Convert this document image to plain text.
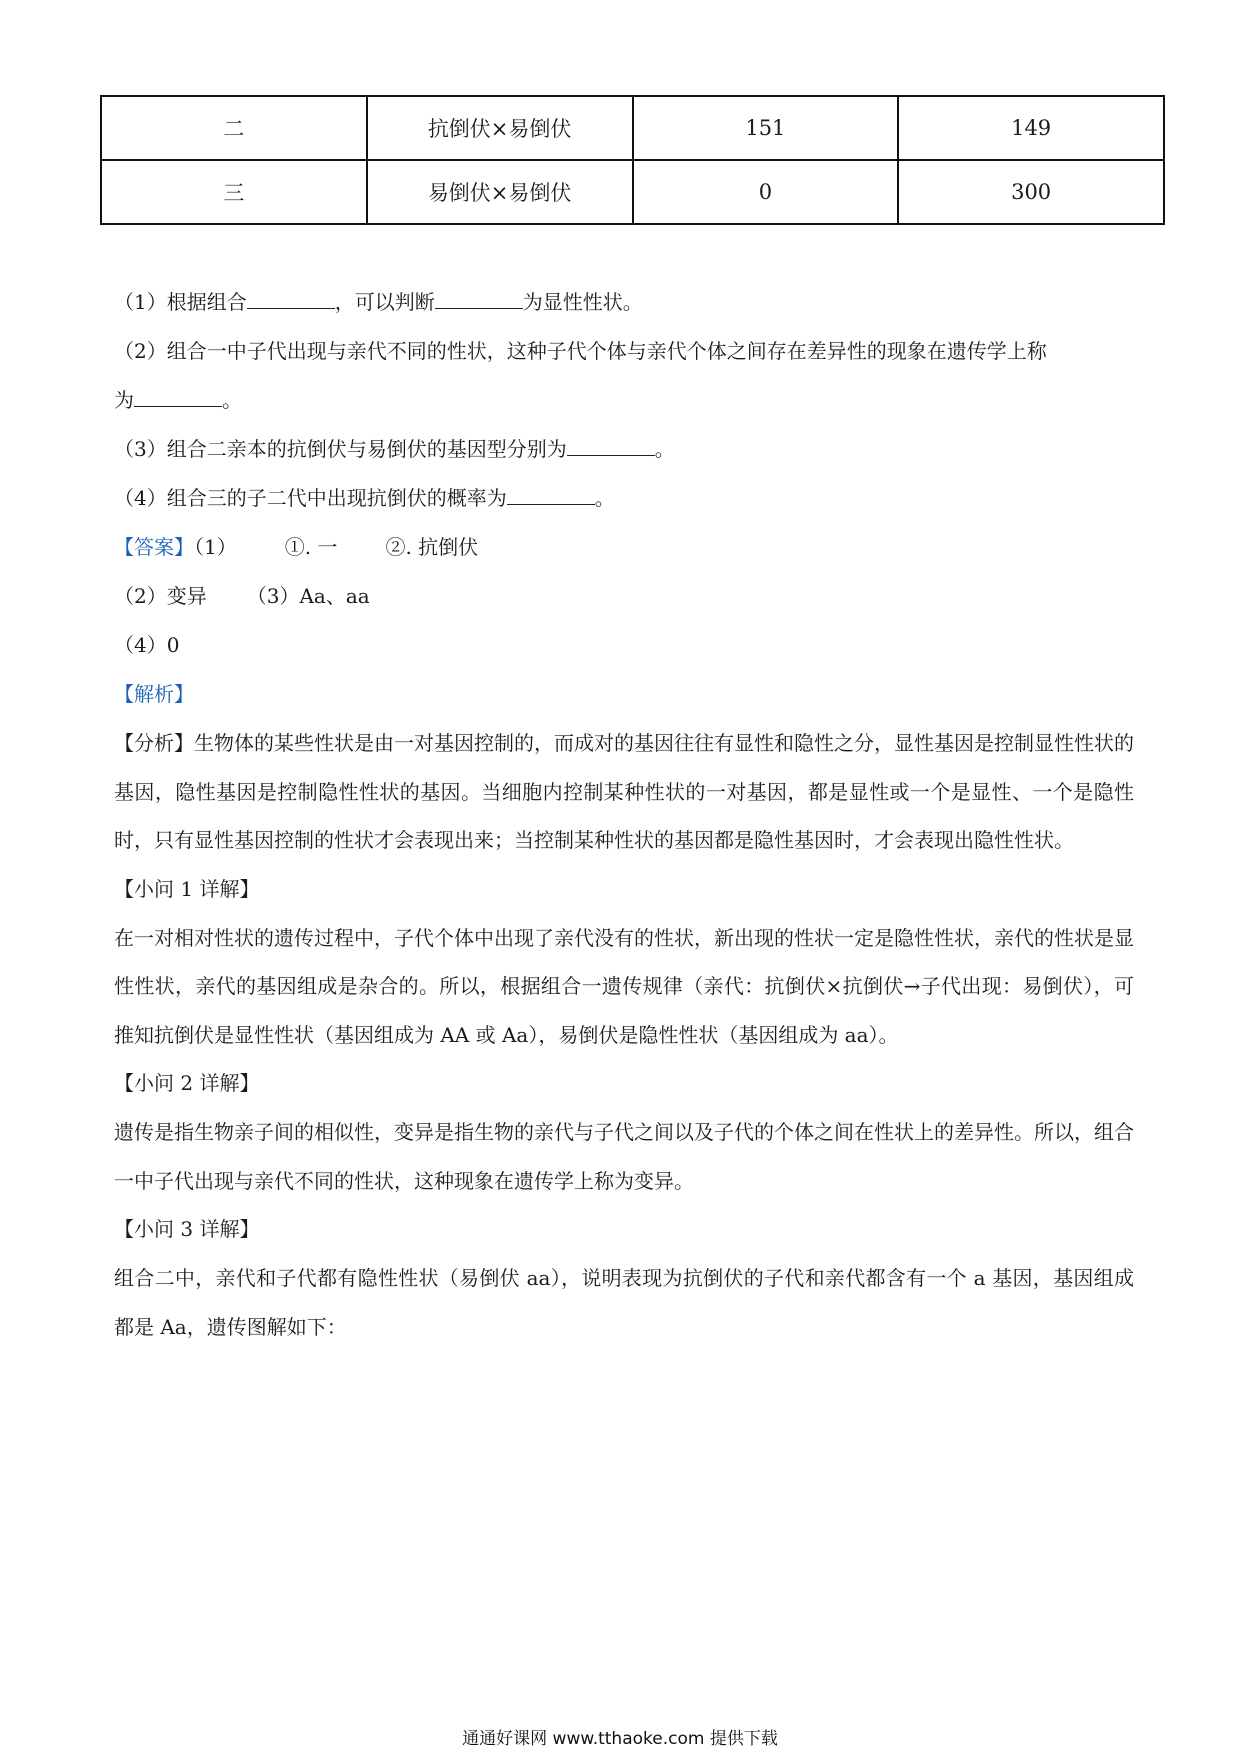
二	抗倒伏×易倒伏	151	149
三	易倒伏×易倒伏	0	300

（1）根据组合	，可以判断	为显性性状。

（2）组合一中子代出现与亲代不同的性状，这种子代个体与亲代个体之间存在差异性的现象在遗传学上称

为	。

（3）组合二亲本的抗倒伏与易倒伏的基因型分别为	。

（4）组合三的子二代中出现抗倒伏的概率为	。

【答案】（1） ①. 一 ②. 抗倒伏

（2）变异 （3）Aa、aa

（4）0

【解析】

【分析】生物体的某些性状是由一对基因控制的，而成对的基因往往有显性和隐性之分，显性基因是控制显性性状的基因，隐性基因是控制隐性性状的基因。当细胞内控制某种性状的一对基因，都是显性或一个是显性、一个是隐性时，只有显性基因控制的性状才会表现出来；当控制某种性状的基因都是隐性基因时，才会表现出隐性性状。

【小问 1 详解】

在一对相对性状的遗传过程中，子代个体中出现了亲代没有的性状，新出现的性状一定是隐性性状，亲代的性状是显性性状，亲代的基因组成是杂合的。所以，根据组合一遗传规律（亲代：抗倒伏×抗倒伏→子代出现：易倒伏），可推知抗倒伏是显性性状（基因组成为 AA 或 Aa），易倒伏是隐性性状（基因组成为 aa）。

【小问 2 详解】

遗传是指生物亲子间的相似性，变异是指生物的亲代与子代之间以及子代的个体之间在性状上的差异性。所以，组合一中子代出现与亲代不同的性状，这种现象在遗传学上称为变异。

【小问 3 详解】

组合二中，亲代和子代都有隐性性状（易倒伏 aa），说明表现为抗倒伏的子代和亲代都含有一个 a 基因，基因组成都是 Aa，遗传图解如下：

通通好课网 www.tthaoke.com 提供下载
